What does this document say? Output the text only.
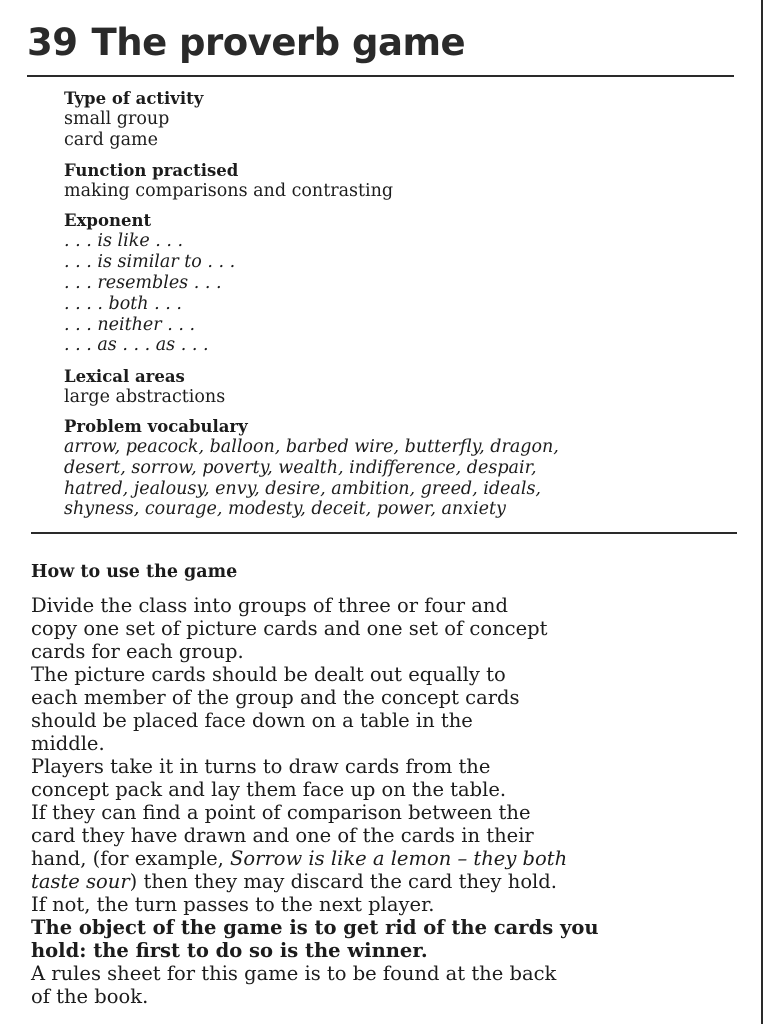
39 The proverb game
Type of activity
small group
card game
Function practised
making comparisons and contrasting
Exponent
. . . is like . . .
. . . is similar to . . .
. . . resembles . . .
. . . . both . . .
. . . neither . . .
. . . as . . . as . . .
Lexical areas
large abstractions
Problem vocabulary
arrow, peacock, balloon, barbed wire, butterfly, dragon,
desert, sorrow, poverty, wealth, indifference, despair,
hatred, jealousy, envy, desire, ambition, greed, ideals,
shyness, courage, modesty, deceit, power, anxiety
How to use the game
Divide the class into groups of three or four and
copy one set of picture cards and one set of concept
cards for each group.
The picture cards should be dealt out equally to
each member of the group and the concept cards
should be placed face down on a table in the
middle.
Players take it in turns to draw cards from the
concept pack and lay them face up on the table.
If they can find a point of comparison between the
card they have drawn and one of the cards in their
hand, (for example, Sorrow is like a lemon – they both
taste sour) then they may discard the card they hold.
If not, the turn passes to the next player.
The object of the game is to get rid of the cards you
hold: the first to do so is the winner.
A rules sheet for this game is to be found at the back
of the book.
